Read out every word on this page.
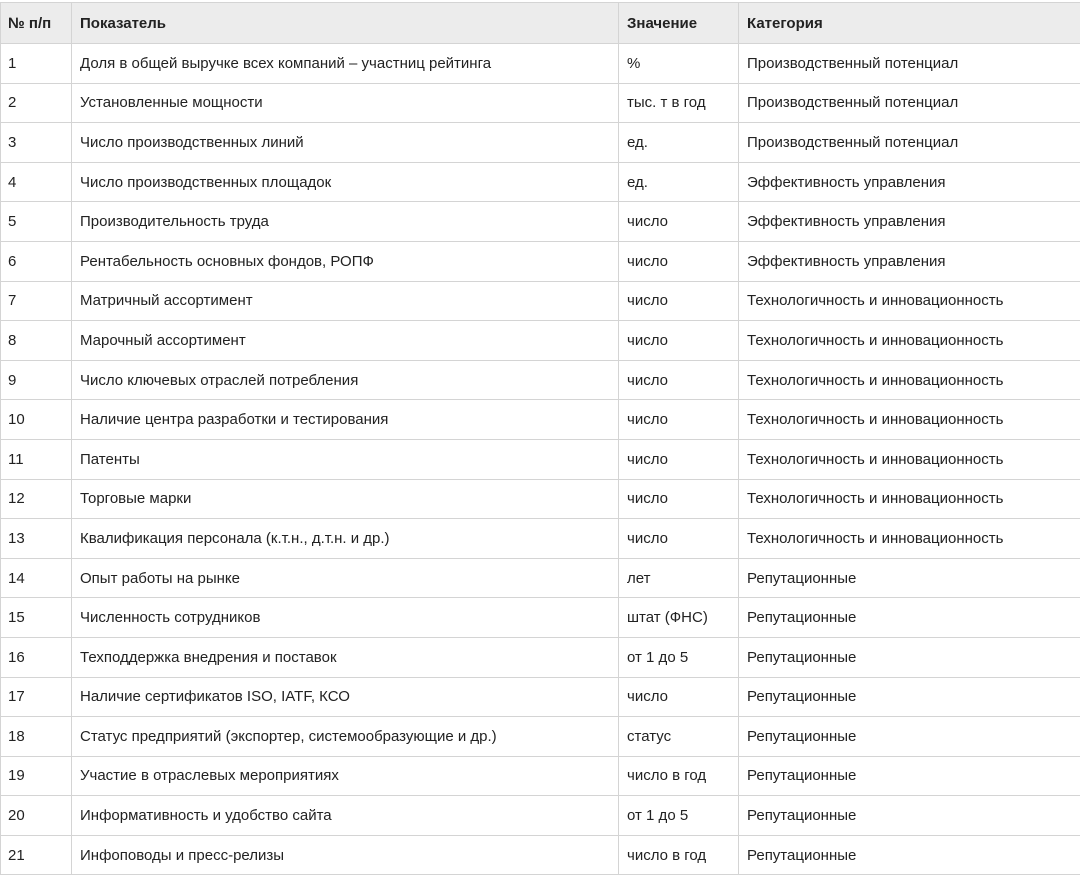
№ п/п	Показатель	Значение	Категория
1	Доля в общей выручке всех компаний – участниц рейтинга	%	Производственный потенциал
2	Установленные мощности	тыс. т в год	Производственный потенциал
3	Число производственных линий	ед.	Производственный потенциал
4	Число производственных площадок	ед.	Эффективность управления
5	Производительность труда	число	Эффективность управления
6	Рентабельность основных фондов, РОПФ	число	Эффективность управления
7	Матричный ассортимент	число	Технологичность и инновационность
8	Марочный ассортимент	число	Технологичность и инновационность
9	Число ключевых отраслей потребления	число	Технологичность и инновационность
10	Наличие центра разработки и тестирования	число	Технологичность и инновационность
11	Патенты	число	Технологичность и инновационность
12	Торговые марки	число	Технологичность и инновационность
13	Квалификация персонала (к.т.н., д.т.н. и др.)	число	Технологичность и инновационность
14	Опыт работы на рынке	лет	Репутационные
15	Численность сотрудников	штат (ФНС)	Репутационные
16	Техподдержка внедрения и поставок	от 1 до 5	Репутационные
17	Наличие сертификатов ISO, IATF, КСО	число	Репутационные
18	Статус предприятий (экспортер, системообразующие и др.)	статус	Репутационные
19	Участие в отраслевых мероприятиях	число в год	Репутационные
20	Информативность и удобство сайта	от 1 до 5	Репутационные
21	Инфоповоды и пресс-релизы	число в год	Репутационные
